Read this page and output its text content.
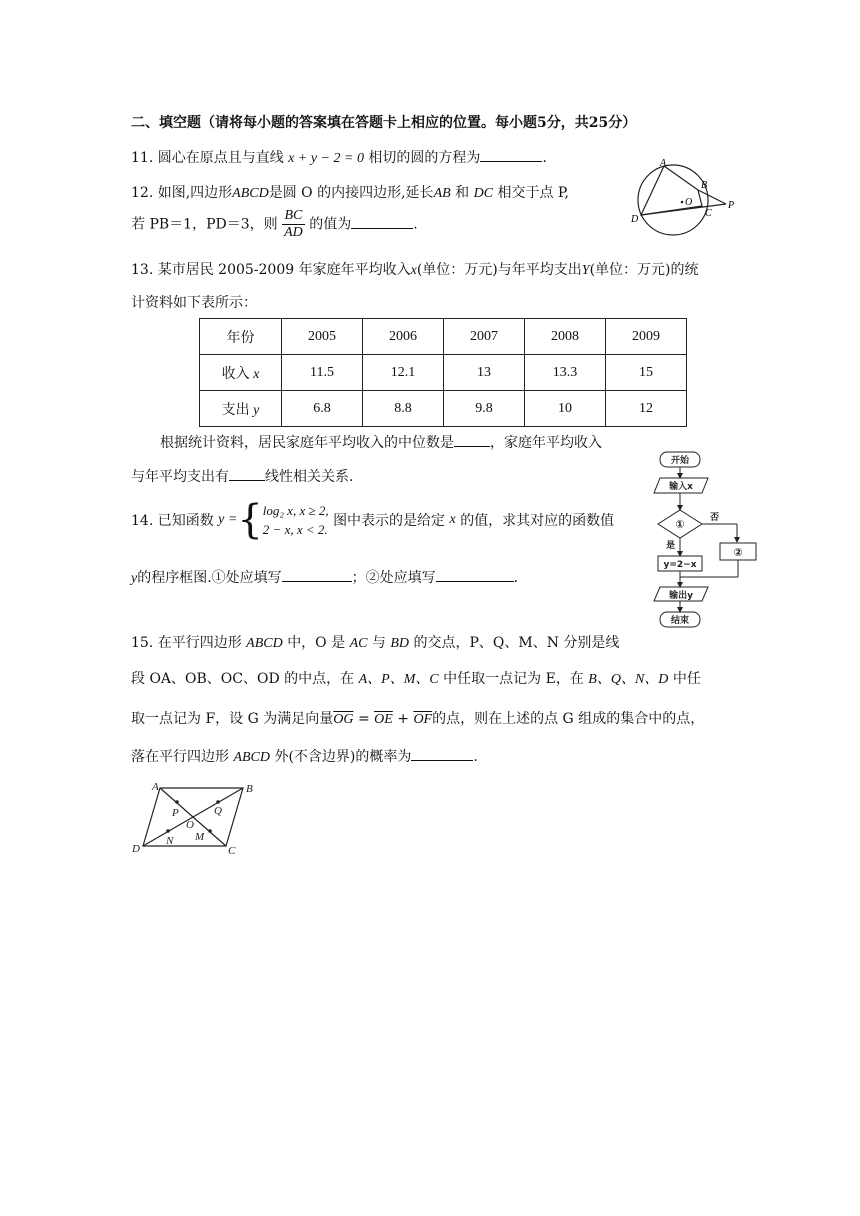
二、填空题（请将每小题的答案填在答题卡上相应的位置。每小题5分，共25分）
11. 圆心在原点且与直线 x + y − 2 = 0 相切的圆的方程为	.
12. 如图,四边形ABCD是圆 O 的内接四边形,延长AB 和 DC 相交于点 P,
若 PB＝1，PD＝3，则 $\frac{BC}{AD}$ 的值为	.
A
B
C
D
O	P
13. 某市居民 2005-2009 年家庭年平均收入x(单位：万元)与年平均支出Y(单位：万元)的统
计资料如下表所示：
年份	2005	2006	2007	2008	2009
收入 x	11.5	12.1	13	13.3	15
支出 y	6.8	8.8	9.8	10	12
根据统计资料，居民家庭年平均收入的中位数是	，家庭年平均收入
与年平均支出有	线性相关关系.
14. 已知函数 y ={ log₂ x, x ≥ 2,
2 − x, x < 2.
图中表示的是给定 x 的值，求其对应的函数值
y的程序框图.①处应填写	；②处应填写	.
开始
输入x
①	否
②
是
y=2−x
输出y
结束
15. 在平行四边形 ABCD 中，O 是 AC 与 BD 的交点，P、Q、M、N 分别是线
段 OA、OB、OC、OD 的中点，在 A、P、M、C 中任取一点记为 E，在 B、Q、N、D 中任
取一点记为 F，设 G 为满足向量$\overline{OG} = \overline{OE} + \overline{OF}$的点，则在上述的点 G 组成的集合中的点，
落在平行四边形 ABCD 外(不含边界)的概率为	.
A	B
C
D
O
P	Q
M
N
